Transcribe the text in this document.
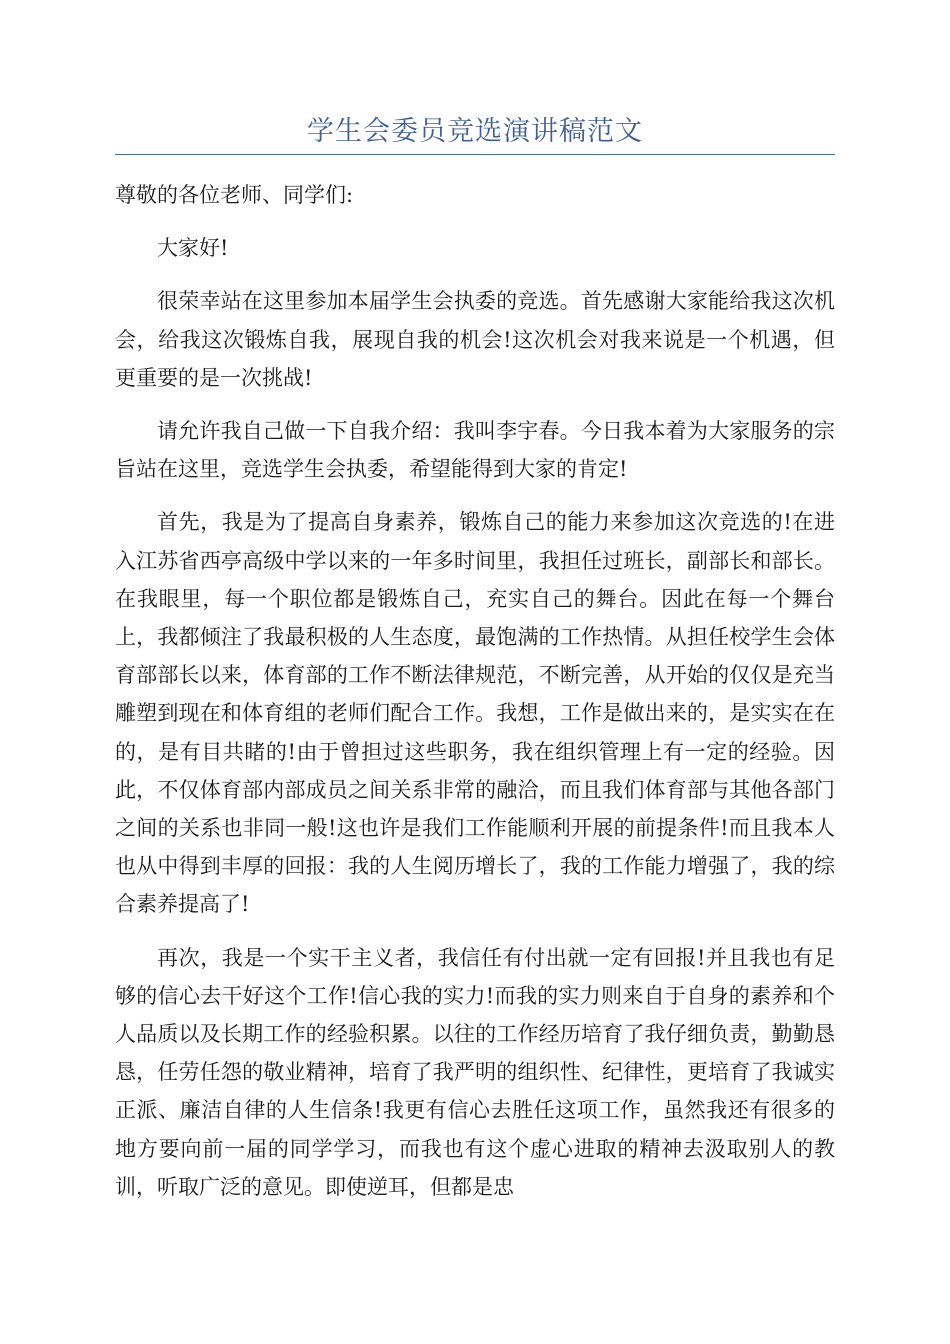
学生会委员竞选演讲稿范文

尊敬的各位老师、同学们:

大家好!

很荣幸站在这里参加本届学生会执委的竞选。首先感谢大家能给我这次机会，给我这次锻炼自我，展现自我的机会!这次机会对我来说是一个机遇，但更重要的是一次挑战!

请允许我自己做一下自我介绍：我叫李宇春。今日我本着为大家服务的宗旨站在这里，竞选学生会执委，希望能得到大家的肯定!

首先，我是为了提高自身素养，锻炼自己的能力来参加这次竞选的!在进入江苏省西亭高级中学以来的一年多时间里，我担任过班长，副部长和部长。在我眼里，每一个职位都是锻炼自己，充实自己的舞台。因此在每一个舞台上，我都倾注了我最积极的人生态度，最饱满的工作热情。从担任校学生会体育部部长以来，体育部的工作不断法律规范，不断完善，从开始的仅仅是充当雕塑到现在和体育组的老师们配合工作。我想，工作是做出来的，是实实在在的，是有目共睹的!由于曾担过这些职务，我在组织管理上有一定的经验。因此，不仅体育部内部成员之间关系非常的融洽，而且我们体育部与其他各部门之间的关系也非同一般!这也许是我们工作能顺利开展的前提条件!而且我本人也从中得到丰厚的回报：我的人生阅历增长了，我的工作能力增强了，我的综合素养提高了!

再次，我是一个实干主义者，我信任有付出就一定有回报!并且我也有足够的信心去干好这个工作!信心我的实力!而我的实力则来自于自身的素养和个人品质以及长期工作的经验积累。以往的工作经历培育了我仔细负责，勤勤恳恳，任劳任怨的敬业精神，培育了我严明的组织性、纪律性，更培育了我诚实正派、廉洁自律的人生信条!我更有信心去胜任这项工作，虽然我还有很多的地方要向前一届的同学学习，而我也有这个虚心进取的精神去汲取别人的教训，听取广泛的意见。即使逆耳，但都是忠
